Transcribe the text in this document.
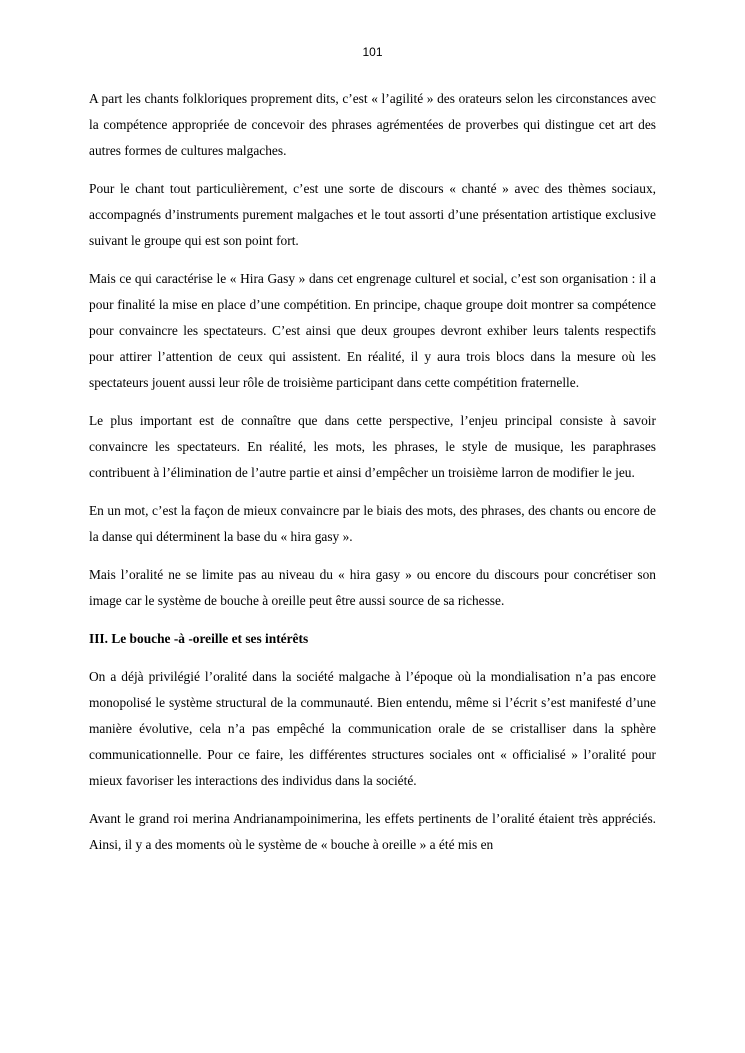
101

A part les chants folkloriques proprement dits, c’est « l’agilité » des orateurs selon les circonstances avec la compétence appropriée de concevoir des phrases agrémentées de proverbes qui distingue cet art des autres formes de cultures malgaches.

Pour le chant tout particulièrement, c’est une sorte de discours « chanté » avec des thèmes sociaux, accompagnés d’instruments purement malgaches et le tout assorti d’une présentation artistique exclusive suivant le groupe qui est son point fort.

Mais ce qui caractérise le « Hira Gasy » dans cet engrenage culturel et social, c’est son organisation : il a pour finalité la mise en place d’une compétition. En principe, chaque groupe doit montrer sa compétence pour convaincre les spectateurs. C’est ainsi que deux groupes devront exhiber leurs talents respectifs pour attirer l’attention de ceux qui assistent. En réalité, il y aura trois blocs dans la mesure où les spectateurs jouent aussi leur rôle de troisième participant dans cette compétition fraternelle.

Le plus important est de connaître que dans cette perspective, l’enjeu principal consiste à savoir convaincre les spectateurs. En réalité, les mots, les phrases, le style de musique, les paraphrases contribuent à l’élimination de l’autre partie et ainsi d’empêcher un troisième larron de modifier le jeu.

En un mot, c’est la façon de mieux convaincre par le biais des mots, des phrases, des chants ou encore de la danse qui déterminent la base du « hira gasy ».

Mais l’oralité ne se limite pas au niveau du « hira gasy » ou encore du discours pour concrétiser son image car le système de bouche à oreille peut être aussi source de sa richesse.

III. Le bouche -à -oreille et ses intérêts

On a déjà privilégié l’oralité dans la société malgache à l’époque où la mondialisation n’a pas encore monopolisé le système structural de la communauté. Bien entendu, même si l’écrit s’est manifesté d’une manière évolutive, cela n’a pas empêché la communication orale de se cristalliser dans la sphère communicationnelle. Pour ce faire, les différentes structures sociales ont « officialisé » l’oralité pour mieux favoriser les interactions des individus dans la société.

Avant le grand roi merina Andrianampoinimerina, les effets pertinents de l’oralité étaient très appréciés. Ainsi, il y a des moments où le système de « bouche à oreille » a été mis en
